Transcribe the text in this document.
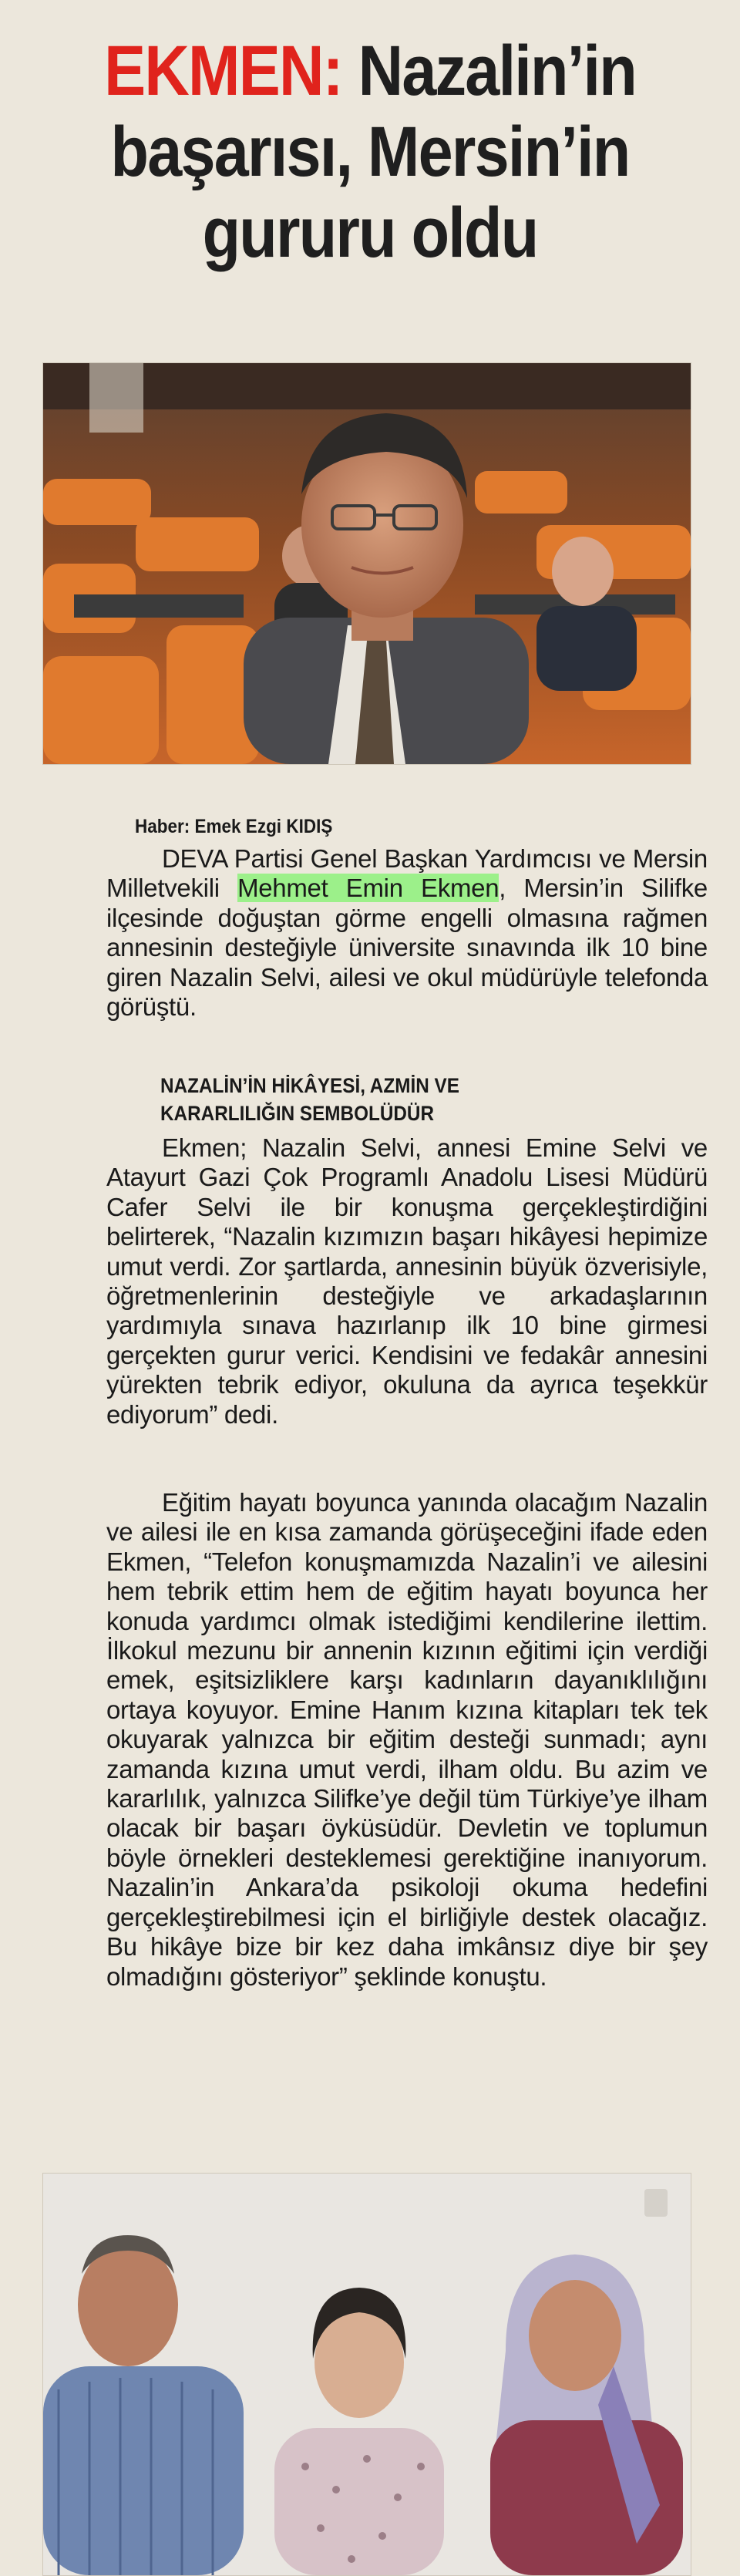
EKMEN: Nazalin’in
başarısı, Mersin’in
gururu oldu
Haber: Emek Ezgi KIDIŞ

DEVA Partisi Genel Başkan Yardımcısı ve Mersin Milletvekili Mehmet Emin Ekmen, Mersin’in Silifke ilçesinde doğuştan görme engelli olmasına rağmen annesinin desteğiyle üniversite sınavında ilk 10 bine giren Nazalin Selvi, ailesi ve okul müdürüyle telefonda görüştü.

NAZALİN’İN HİKÂYESİ, AZMİN VE KARARLILIĞIN SEMBOLÜDÜR

Ekmen; Nazalin Selvi, annesi Emine Selvi ve Atayurt Gazi Çok Programlı Anadolu Lisesi Müdürü Cafer Selvi ile bir konuşma gerçekleştirdiğini belirterek, “Nazalin kızımızın başarı hikâyesi hepimize umut verdi. Zor şartlarda, annesinin büyük özverisiyle, öğretmenlerinin desteğiyle ve arkadaşlarının yardımıyla sınava hazırlanıp ilk 10 bine girmesi gerçekten gurur verici. Kendisini ve fedakâr annesini yürekten tebrik ediyor, okuluna da ayrıca teşekkür ediyorum” dedi.

Eğitim hayatı boyunca yanında olacağım Nazalin ve ailesi ile en kısa zamanda görüşeceğini ifade eden Ekmen, “Telefon konuşmamızda Nazalin’i ve ailesini hem tebrik ettim hem de eğitim hayatı boyunca her konuda yardımcı olmak istediğimi kendilerine ilettim. İlkokul mezunu bir annenin kızının eğitimi için verdiği emek, eşitsizliklere karşı kadınların dayanıklılığını ortaya koyuyor. Emine Hanım kızına kitapları tek tek okuyarak yalnızca bir eğitim desteği sunmadı; aynı zamanda kızına umut verdi, ilham oldu. Bu azim ve kararlılık, yalnızca Silifke’ye değil tüm Türkiye’ye ilham olacak bir başarı öyküsüdür. Devletin ve toplumun böyle örnekleri desteklemesi gerektiğine inanıyorum. Nazalin’in Ankara’da psikoloji okuma hedefini gerçekleştirebilmesi için el birliğiyle destek olacağız. Bu hikâye bize bir kez daha imkânsız diye bir şey olmadığını gösteriyor” şeklinde konuştu.
